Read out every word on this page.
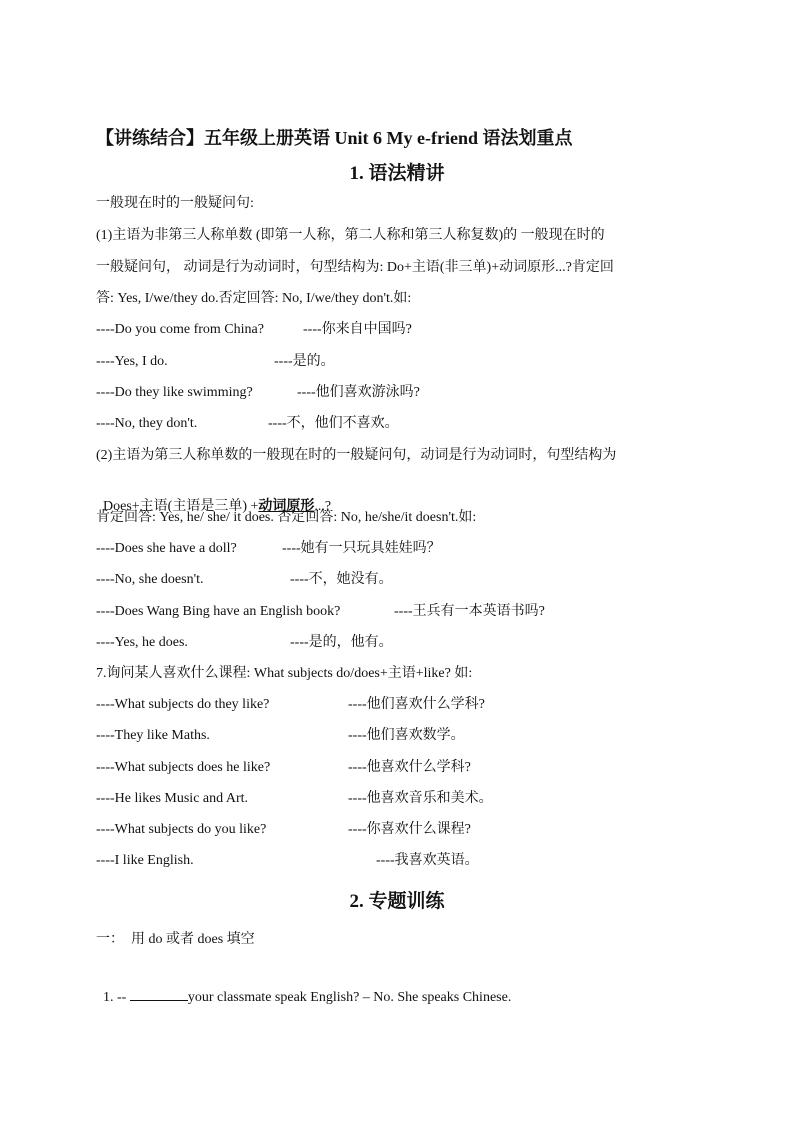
【讲练结合】五年级上册英语 Unit 6 My e-friend 语法划重点
1. 语法精讲
一般现在时的一般疑问句:
(1)主语为非第三人称单数 (即第一人称，第二人称和第三人称复数)的 一般现在时的
一般疑问句， 动词是行为动词时，句型结构为: Do+主语(非三单)+动词原形...?肯定回
答: Yes, I/we/they do.否定回答: No, I/we/they don't.如:
----Do you come from China?	----你来自中国吗?
----Yes, I do.	----是的。
----Do they like swimming?	----他们喜欢游泳吗?
----No, they don't.	----不，他们不喜欢。
(2)主语为第三人称单数的一般现在时的一般疑问句，动词是行为动词时，句型结构为

Does+主语(主语是三单) +动词原形...?

肯定回答: Yes, he/ she/ it does. 否定回答: No, he/she/it doesn't.如:
----Does she have a doll?	----她有一只玩具娃娃吗？
----No, she doesn't.	----不，她没有。
----Does Wang Bing have an English book?	----王兵有一本英语书吗?
----Yes, he does.	----是的，他有。
7.询问某人喜欢什么课程: What subjects do/does+主语+like? 如:
----What subjects do they like?	----他们喜欢什么学科?
----They like Maths.	----他们喜欢数学。
----What subjects does he like?	----他喜欢什么学科?
----He likes Music and Art.	----他喜欢音乐和美术。
----What subjects do you like?	----你喜欢什么课程?
----I like English.	----我喜欢英语。
2. 专题训练
一：  用 do 或者 does 填空

1. --	your classmate speak English? – No. She speaks Chinese.
